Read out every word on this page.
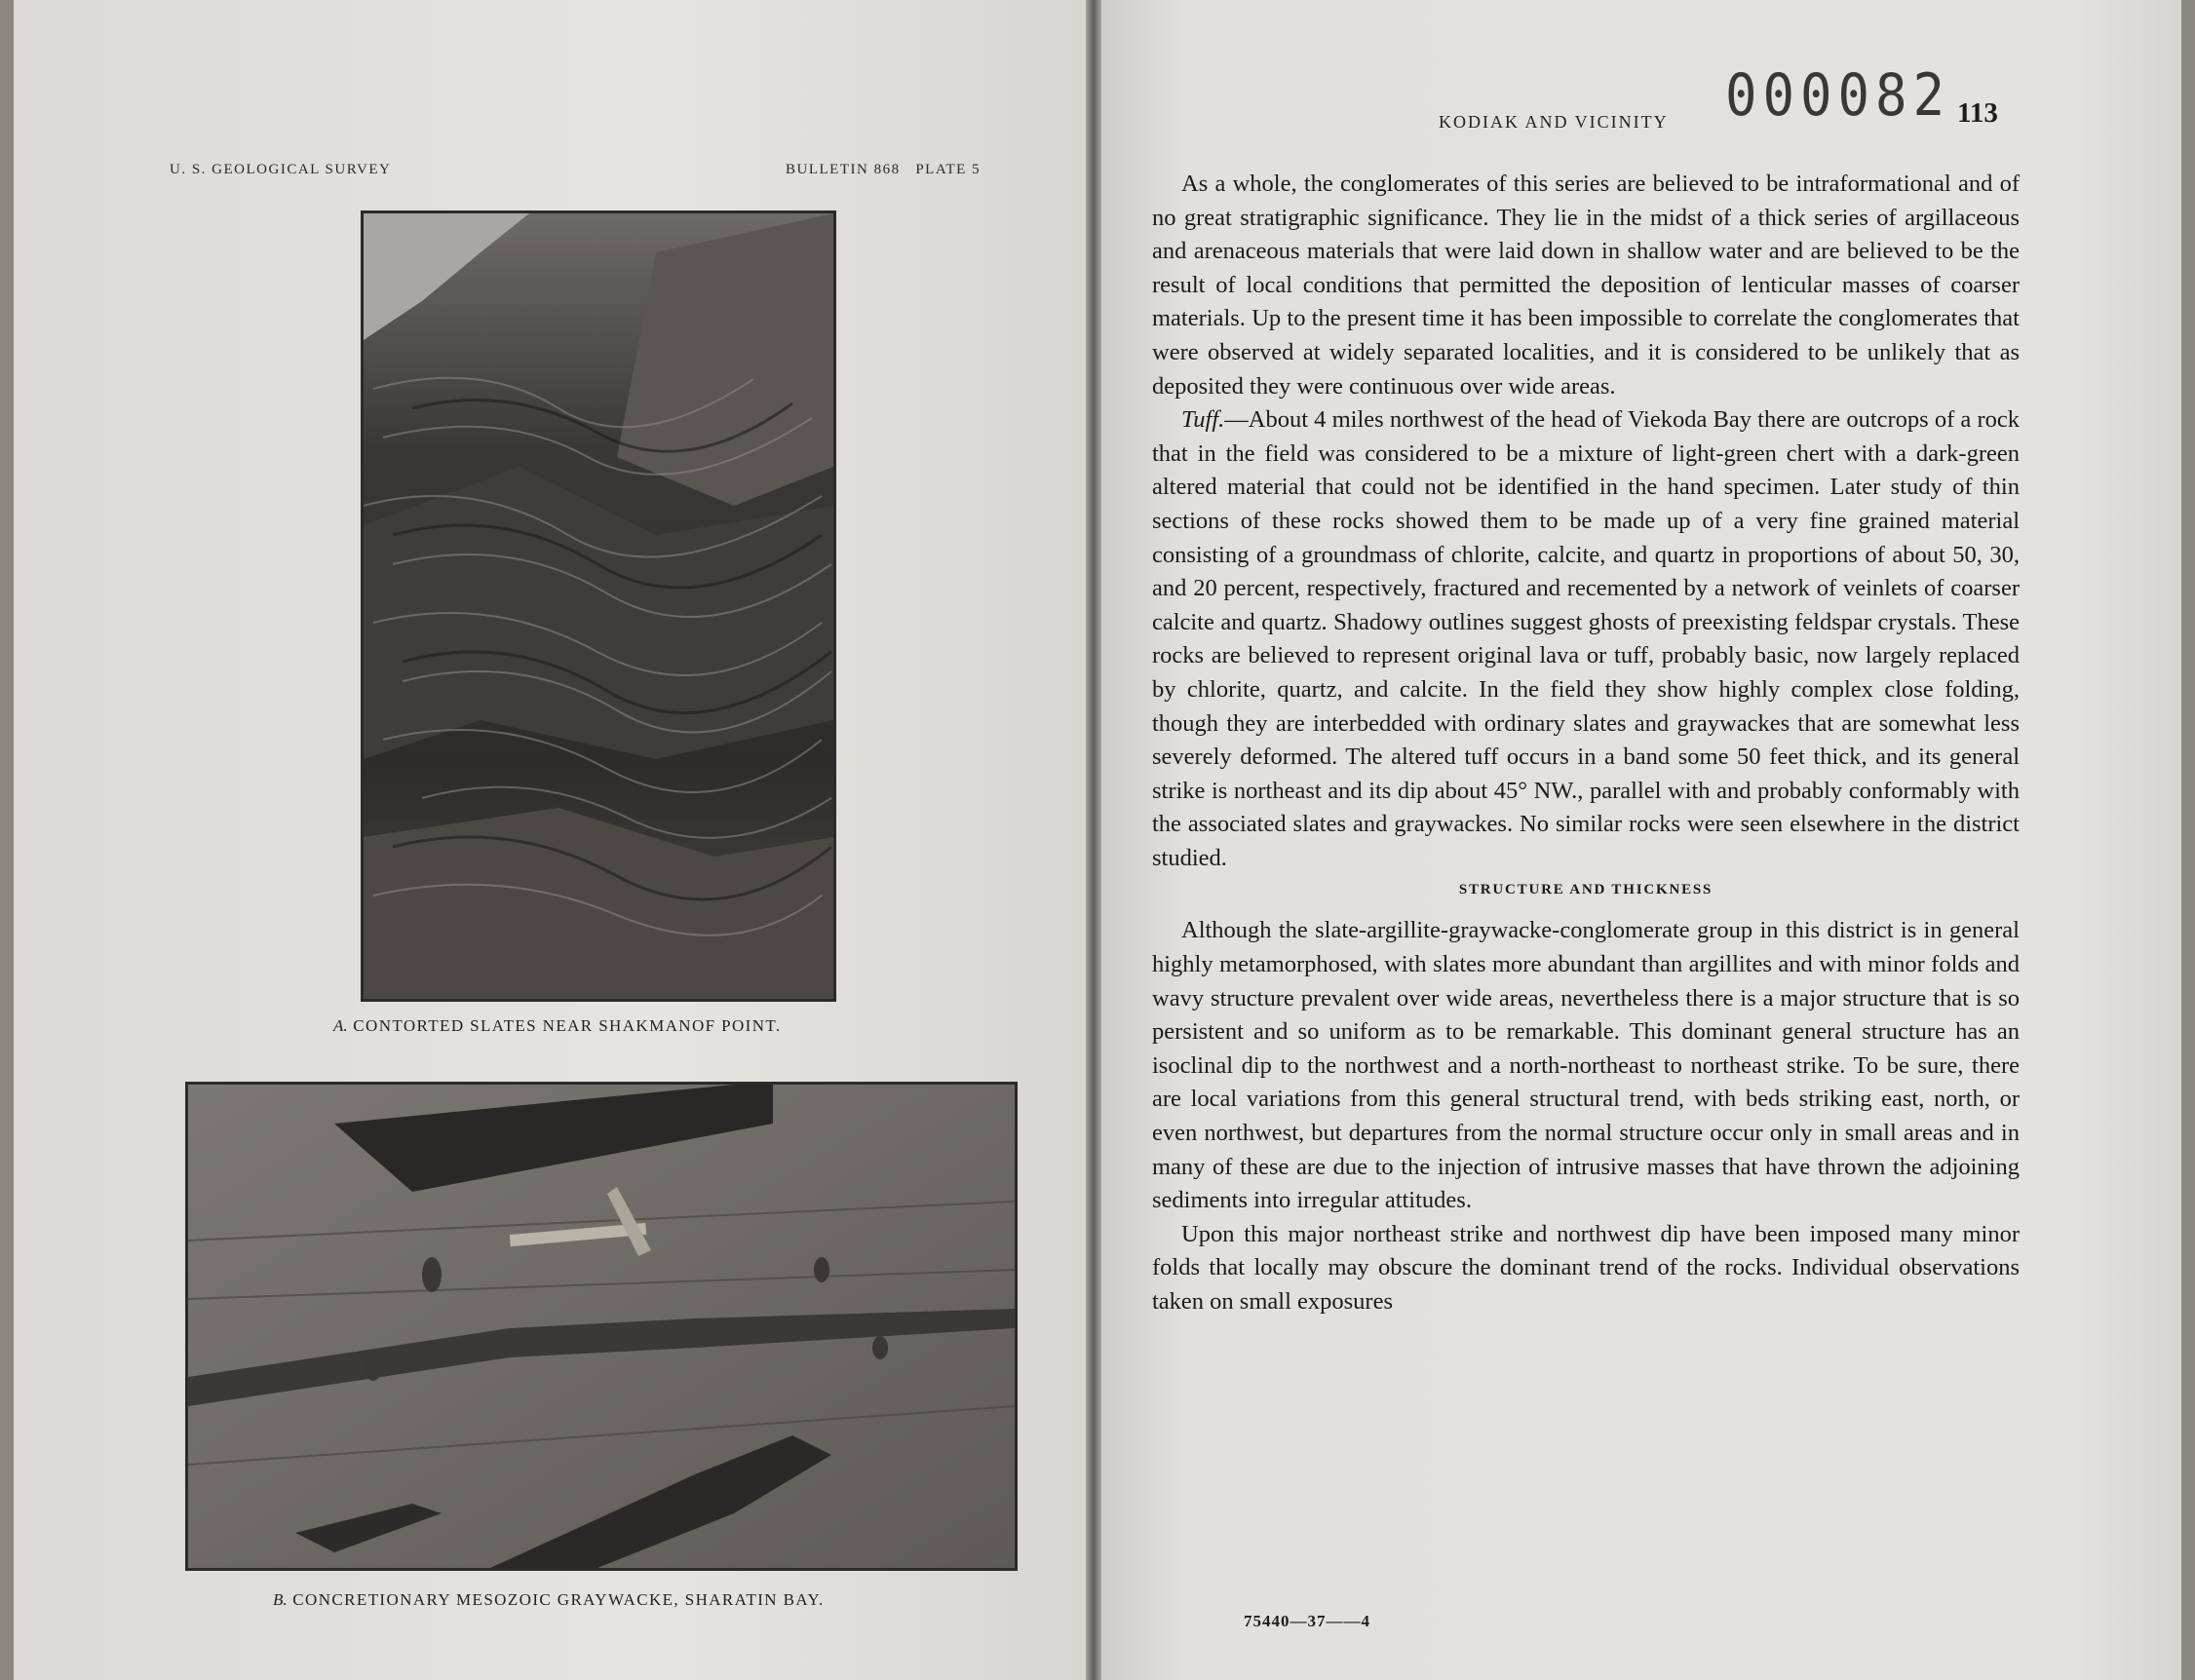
U. S. GEOLOGICAL SURVEY	BULLETIN 868   PLATE 5
A. CONTORTED SLATES NEAR SHAKMANOF POINT.
B. CONCRETIONARY MESOZOIC GRAYWACKE, SHARATIN BAY.
000082
KODIAK AND VICINITY	113

As a whole, the conglomerates of this series are believed to be intraformational and of no great stratigraphic significance. They lie in the midst of a thick series of argillaceous and arenaceous materials that were laid down in shallow water and are believed to be the result of local conditions that permitted the deposition of lenticular masses of coarser materials. Up to the present time it has been impossible to correlate the conglomerates that were observed at widely separated localities, and it is considered to be unlikely that as deposited they were continuous over wide areas.

Tuff.—About 4 miles northwest of the head of Viekoda Bay there are outcrops of a rock that in the field was considered to be a mixture of light-green chert with a dark-green altered material that could not be identified in the hand specimen. Later study of thin sections of these rocks showed them to be made up of a very fine grained material consisting of a groundmass of chlorite, calcite, and quartz in proportions of about 50, 30, and 20 percent, respectively, fractured and recemented by a network of veinlets of coarser calcite and quartz. Shadowy outlines suggest ghosts of preexisting feldspar crystals. These rocks are believed to represent original lava or tuff, probably basic, now largely replaced by chlorite, quartz, and calcite. In the field they show highly complex close folding, though they are interbedded with ordinary slates and graywackes that are somewhat less severely deformed. The altered tuff occurs in a band some 50 feet thick, and its general strike is northeast and its dip about 45° NW., parallel with and probably conformably with the associated slates and graywackes. No similar rocks were seen elsewhere in the district studied.

STRUCTURE AND THICKNESS

Although the slate-argillite-graywacke-conglomerate group in this district is in general highly metamorphosed, with slates more abundant than argillites and with minor folds and wavy structure prevalent over wide areas, nevertheless there is a major structure that is so persistent and so uniform as to be remarkable. This dominant general structure has an isoclinal dip to the northwest and a north-northeast to northeast strike. To be sure, there are local variations from this general structural trend, with beds striking east, north, or even northwest, but departures from the normal structure occur only in small areas and in many of these are due to the injection of intrusive masses that have thrown the adjoining sediments into irregular attitudes.

Upon this major northeast strike and northwest dip have been imposed many minor folds that locally may obscure the dominant trend of the rocks. Individual observations taken on small exposures

75440—37——4
